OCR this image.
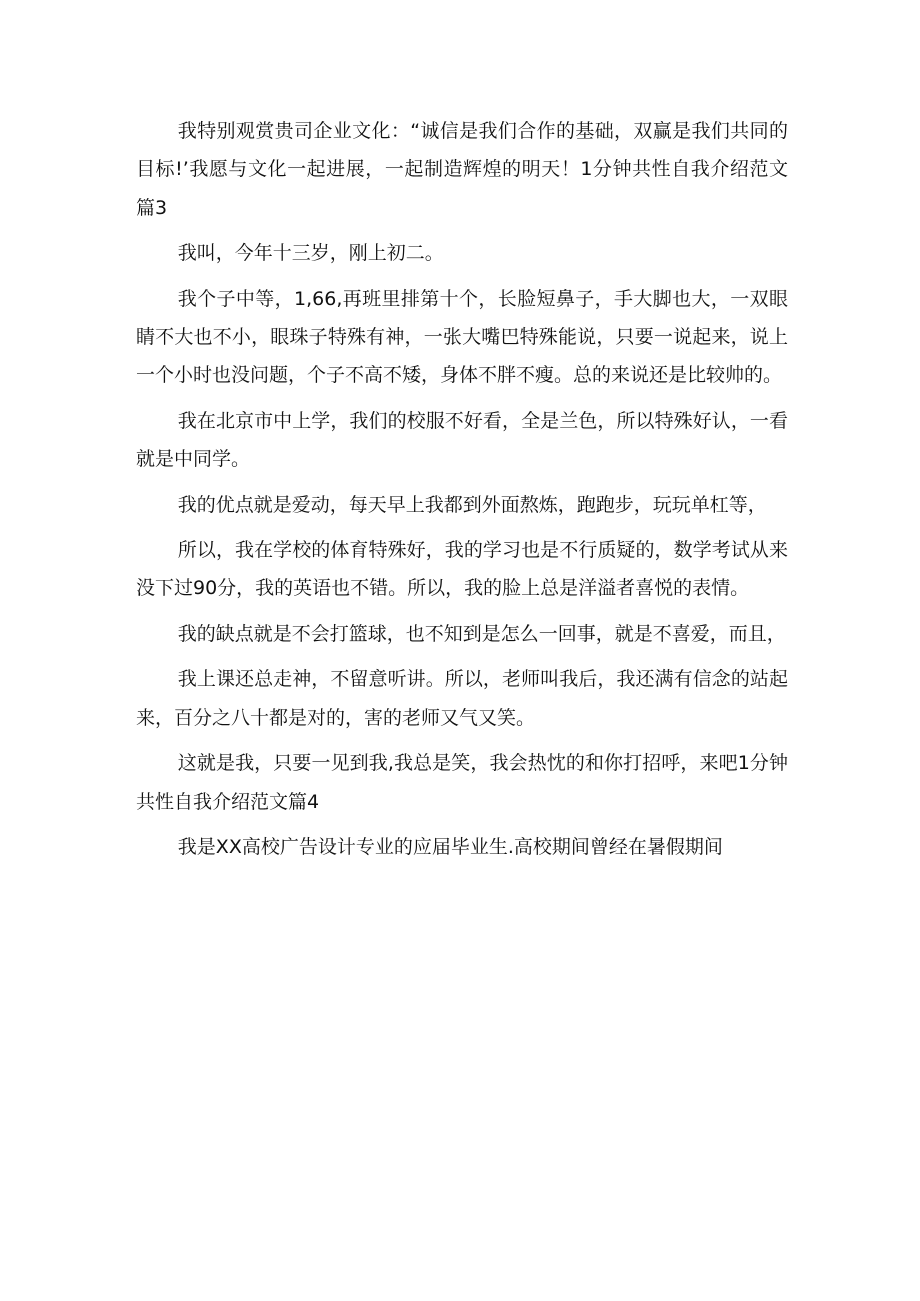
我特别观赏贵司企业文化：“诚信是我们合作的基础，双赢是我们共同的目标!’我愿与文化一起进展，一起制造辉煌的明天！1分钟共性自我介绍范文篇3

我叫，今年十三岁，刚上初二。

我个子中等，1,66,再班里排第十个，长脸短鼻子，手大脚也大，一双眼睛不大也不小，眼珠子特殊有神，一张大嘴巴特殊能说，只要一说起来，说上一个小时也没问题，个子不高不矮，身体不胖不瘦。总的来说还是比较帅的。

我在北京市中上学，我们的校服不好看，全是兰色，所以特殊好认，一看就是中同学。

我的优点就是爱动，每天早上我都到外面熬炼，跑跑步，玩玩单杠等，

所以，我在学校的体育特殊好，我的学习也是不行质疑的，数学考试从来没下过90分，我的英语也不错。所以，我的脸上总是洋溢者喜悦的表情。

我的缺点就是不会打篮球，也不知到是怎么一回事，就是不喜爱，而且，

我上课还总走神，不留意听讲。所以，老师叫我后，我还满有信念的站起来，百分之八十都是对的，害的老师又气又笑。

这就是我，只要一见到我,我总是笑，我会热忱的和你打招呼，来吧1分钟共性自我介绍范文篇4

我是XX高校广告设计专业的应届毕业生.高校期间曾经在暑假期间
